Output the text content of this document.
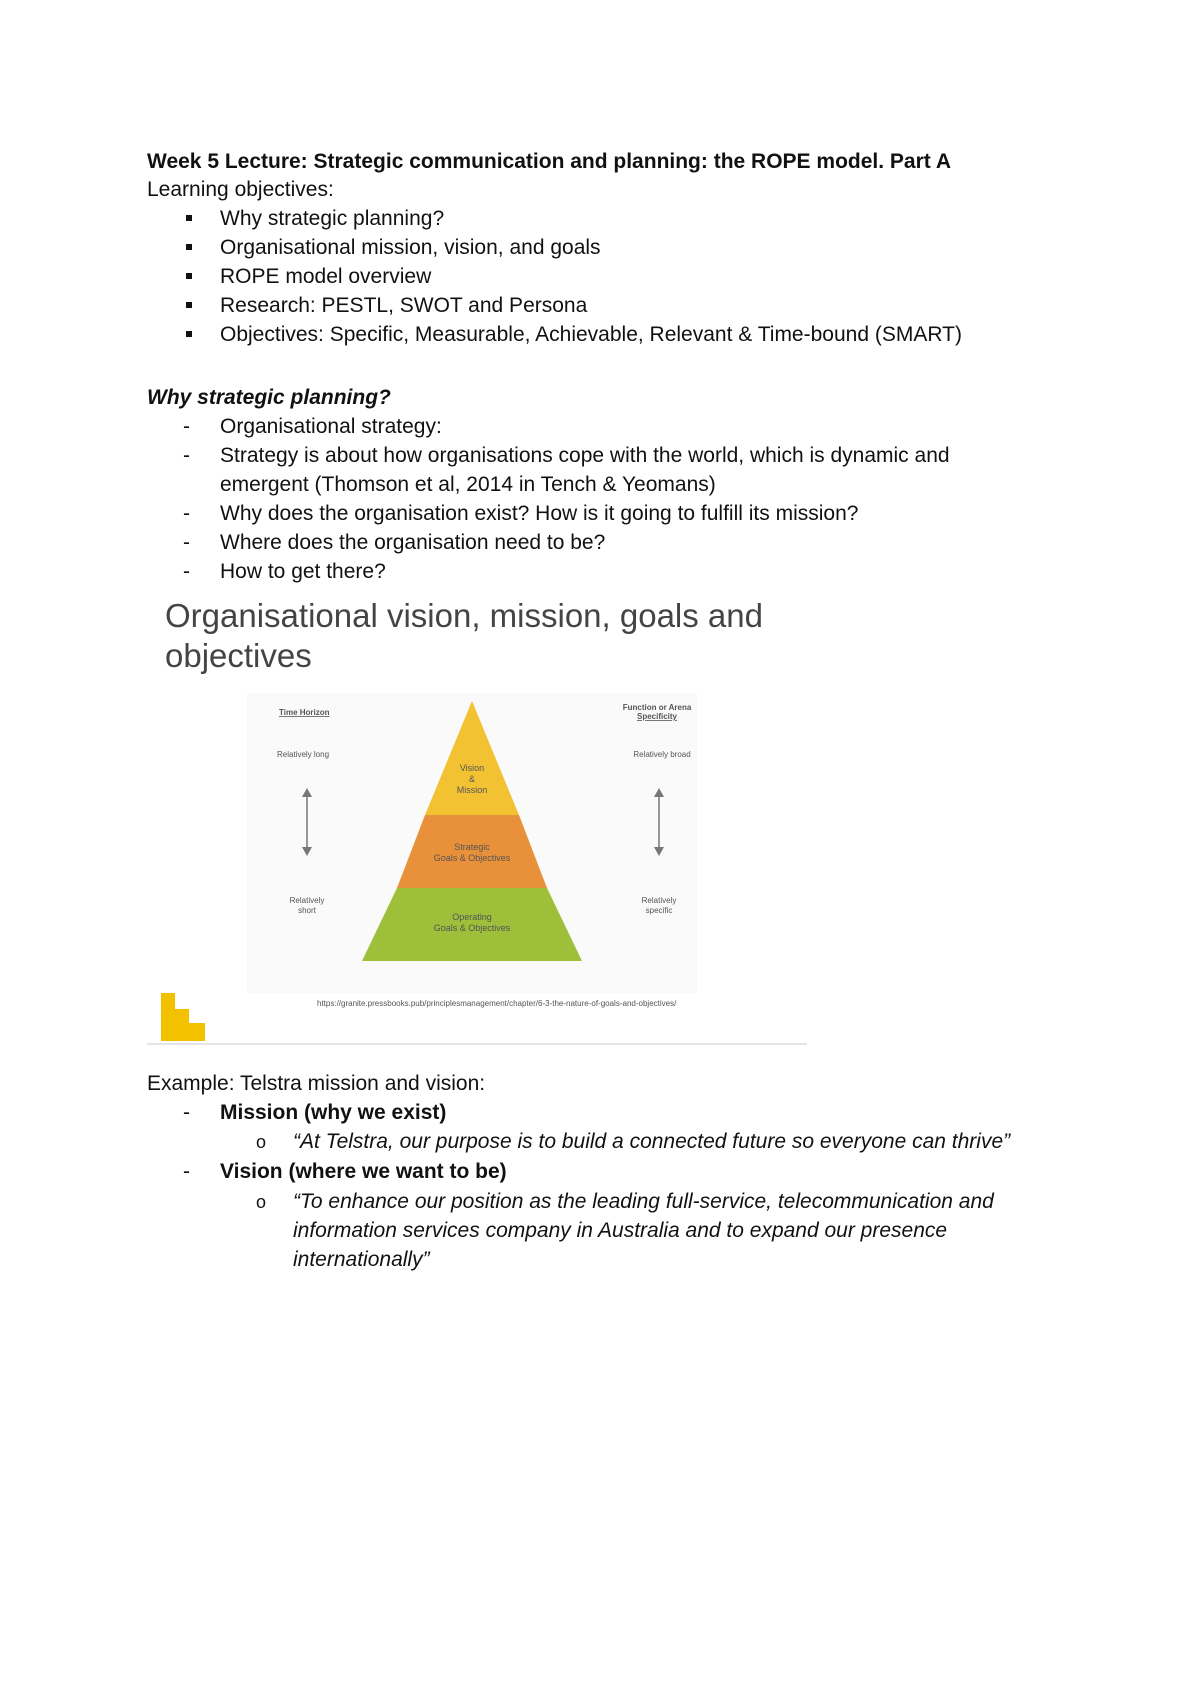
Week 5 Lecture: Strategic communication and planning: the ROPE model. Part A
Learning objectives:
Why strategic planning?
Organisational mission, vision, and goals
ROPE model overview
Research: PESTL, SWOT and Persona
Objectives: Specific, Measurable, Achievable, Relevant & Time-bound (SMART)
Why strategic planning?
- Organisational strategy:
- Strategy is about how organisations cope with the world, which is dynamic and
emergent (Thomson et al, 2014 in Tench & Yeomans)
- Why does the organisation exist? How is it going to fulfill its mission?
- Where does the organisation need to be?
- How to get there?
Organisational vision, mission, goals and objectives
Vision
&
Mission
Strategic
Goals & Objectives
Operating
Goals & Objectives
Time Horizon
Relatively long
Relatively
short
Function or Arena
Specificity
Relatively broad
Relatively
specific
https://granite.pressbooks.pub/principlesmanagement/chapter/6-3-the-nature-of-goals-and-objectives/
Example: Telstra mission and vision:
- Mission (why we exist)
o “At Telstra, our purpose is to build a connected future so everyone can thrive”
- Vision (where we want to be)
o “To enhance our position as the leading full-service, telecommunication and
information services company in Australia and to expand our presence
internationally”
